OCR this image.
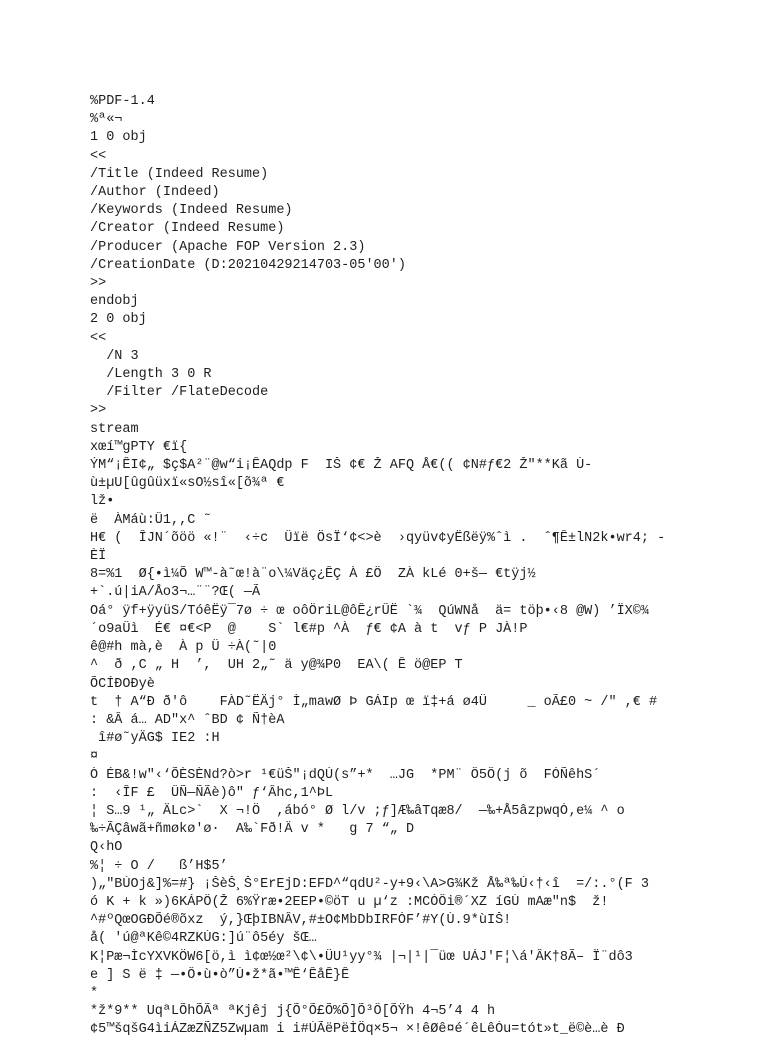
%PDF-1.4
%ª«¬
1 0 obj
<<
/Title (Indeed Resume)
/Author (Indeed)
/Keywords (Indeed Resume)
/Creator (Indeed Resume)
/Producer (Apache FOP Version 2.3)
/CreationDate (D:20210429214703-05'00')
>>
endobj
2 0 obj
<<
/N 3
/Length 3 0 R
/Filter /FlateDecode
>>
stream
xœí™gPTY €ï{
ÝM“¡ÊI¢„ $ç$A²¨@w“i¡ÊAQdp F  IŠ ¢€ Ž AFQ Å€(( ¢N#ƒ€2 Ž"**Kã Ù-
ù±µU[ûgûüxï«sO½sî«[õ¾ª €
lž•
ë  ÀMáù:Û1,,C ˜
H€ (  ÎJN´õöö «!¨  ‹÷c  Üïë ÖsÏ‘¢<>è  ›qyüv¢yËßëÿ%ˆì .  ˆ¶Ê±lN2k•wr4; -
ÈÏ
8=%1  Ø{•ì¼Õ W™-à˜œ!à¨o\¼Väç¿ÊÇ À £Ö  ZÀ kLé 0+š— €tÿj½
+`.ú|iA/Åo3¬…¨¨?Œ( —Ã
Oá° ÿf+ÿyüS/TóêËÿ¯7ø ÷ œ oôÖriL@ôÊ¿rÛË `¾  QúWNå  ä= töþ•‹8 @W) ’ÏX©¾
´o9aÛì  É€ ¤€<P  @    S` l€#p ^À  ƒ€ ¢A à t  vƒ P JÀ!P
ê@#h mà,è  À p Ü ÷À(˜|0
^  ð ,C „ H  ’,  UH 2„˜ ä y@¾P0  EA\( Ê ö@EP T
ÕCÍÐOÐyè
t  † A“Ð ð'ô    FÀD˜ËÄj° Ì„mawØ Þ GÁIp œ ï‡+á ø4Ü     _ oÃ£0 ~ /" ,€ #
: &Â á… AD"x^ ˆBD ¢ Ñ†èA
î#ø˜yÄG$ IE2 :H
¤
Ò ÉB&!w"‹‘ÕÈSÈNd?ò>r ¹€üŠ"¡dQÚ(s”+*  …JG  *PM¨ Ô5Ô(j õ  FÓÑêhS´
:  ‹ÎF £  ÛÑ—ÑÃè)ô" ƒ‘Âhc,1^ÞL
¦ S…9 ¹„ ÄLc>`  X ¬!Ö  ,ábó° Ø l/v ;ƒ]Æ‰âTqæ8/  —‰+Å5âzpwqÓ‚e¼ ^ o
‰÷ÃÇâwã+ñmøkø'ø·  A‰`Fð!Ä v *   g 7 “„ D
Q‹hO
%¦ ÷ O /   ß’H$5’
)„"BÚOj&]%=#} ¡ŠèŠ¸Š°ErEjD:EFD^“qdU²-y+9‹\A>G¾Kž Å‰ª‰Ú‹†‹î  =/:.°(F 3
ó K + k »)6KÁPÖ(Ž 6%Ÿræ•2EEP•©öT u µ‘z :MCÓÔi®´XZ íGÙ mAæ"n$  ž!
^#ºQœOGÐÕé®õxz  ý,}ŒþIBNÂV,#±O¢MbDbIRFÓF’#Y(Ù.9*ùIŠ!
å( 'ú@ªKê©4RZKÚG:]ú¨ô5éy šŒ…
K¦Pæ¬ÌcYXVKÖW6[ö,ì ì¢œ½œ²\¢\•ÜU¹yy°¾ |¬|¹|¯üœ UÁJ'F¦\á'ÂK†8Ã– Ï¨dô3
e ] S ë ‡ —•Ô•ù•ò”Ú•ž*ã•™Ê‘ÊåÊ}Ê
*
*ž*9** UqªLÕhÕÃª ªKjêj j{Õ°Õ£Õ%Õ]Õ³Ô[ÕŸh 4¬5’4 4 h
¢5™šqšG4ìiÁZæZÑZ5Zwµam i i#ÚÃëPëÌÖq×5¬ ×!êØê¤é´êLêÓu=tót»t_ë©è…è Ð
